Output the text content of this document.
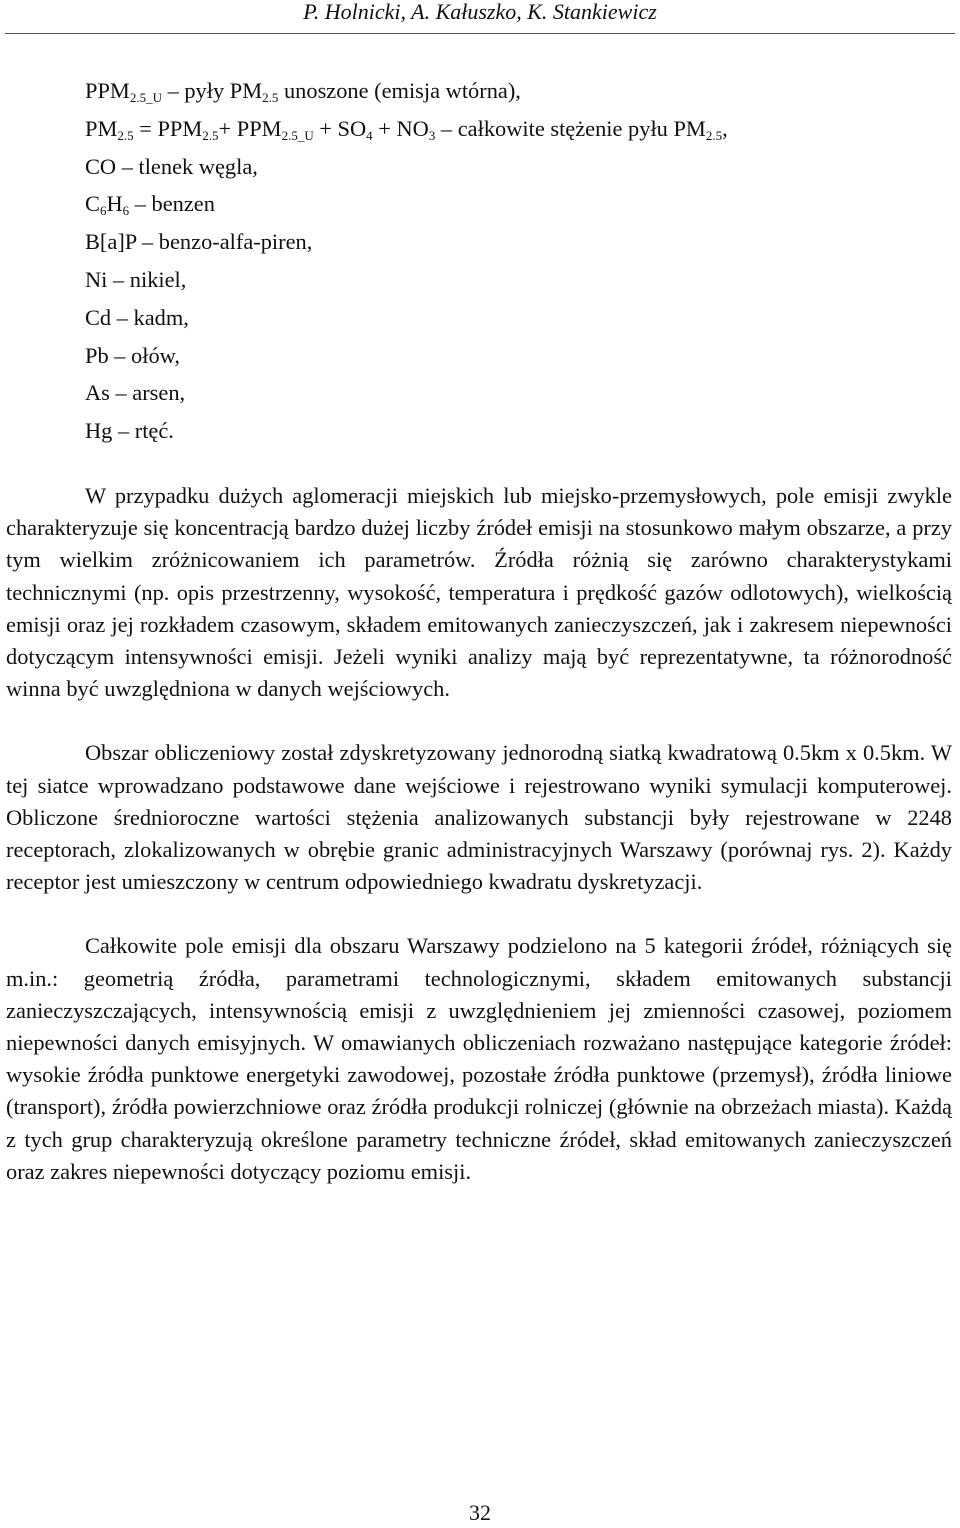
P. Holnicki, A. Kałuszko, K. Stankiewicz
$PPM_{2.5\_U}$ – pyły $PM_{2.5}$ unoszone (emisja wtórna),
$PM_{2.5} = PPM_{2.5}+ PPM_{2.5\_U} + SO_4 + NO_3$ – całkowite stężenie pyłu $PM_{2.5}$,
CO – tlenek węgla,
$C_6H_6$ – benzen
B[a]P – benzo-alfa-piren,
Ni – nikiel,
Cd – kadm,
Pb – ołów,
As – arsen,
Hg – rtęć.

W przypadku dużych aglomeracji miejskich lub miejsko-przemysłowych, pole emisji zwykle charakteryzuje się koncentracją bardzo dużej liczby źródeł emisji na stosunkowo małym obszarze, a przy tym wielkim zróżnicowaniem ich parametrów. Źródła różnią się zarówno charakterystykami technicznymi (np. opis przestrzenny, wysokość, temperatura i prędkość gazów odlotowych), wielkością emisji oraz jej rozkładem czasowym, składem emitowanych zanieczyszczeń, jak i zakresem niepewności dotyczącym intensywności emisji. Jeżeli wyniki analizy mają być reprezentatywne, ta różnorodność winna być uwzględniona w danych wejściowych.

Obszar obliczeniowy został zdyskretyzowany jednorodną siatką kwadratową 0.5km x 0.5km. W tej siatce wprowadzano podstawowe dane wejściowe i rejestrowano wyniki symulacji komputerowej. Obliczone średnioroczne wartości stężenia analizowanych substancji były rejestrowane w 2248 receptorach, zlokalizowanych w obrębie granic administracyjnych Warszawy (porównaj rys. 2). Każdy receptor jest umieszczony w centrum odpowiedniego kwadratu dyskretyzacji.

Całkowite pole emisji dla obszaru Warszawy podzielono na 5 kategorii źródeł, różniących się m.in.: geometrią źródła, parametrami technologicznymi, składem emitowanych substancji zanieczyszczających, intensywnością emisji z uwzględnieniem jej zmienności czasowej, poziomem niepewności danych emisyjnych. W omawianych obliczeniach rozważano następujące kategorie źródeł: wysokie źródła punktowe energetyki zawodowej, pozostałe źródła punktowe (przemysł), źródła liniowe (transport), źródła powierzchniowe oraz źródła produkcji rolniczej (głównie na obrzeżach miasta). Każdą z tych grup charakteryzują określone parametry techniczne źródeł, skład emitowanych zanieczyszczeń oraz zakres niepewności dotyczący poziomu emisji.

32
